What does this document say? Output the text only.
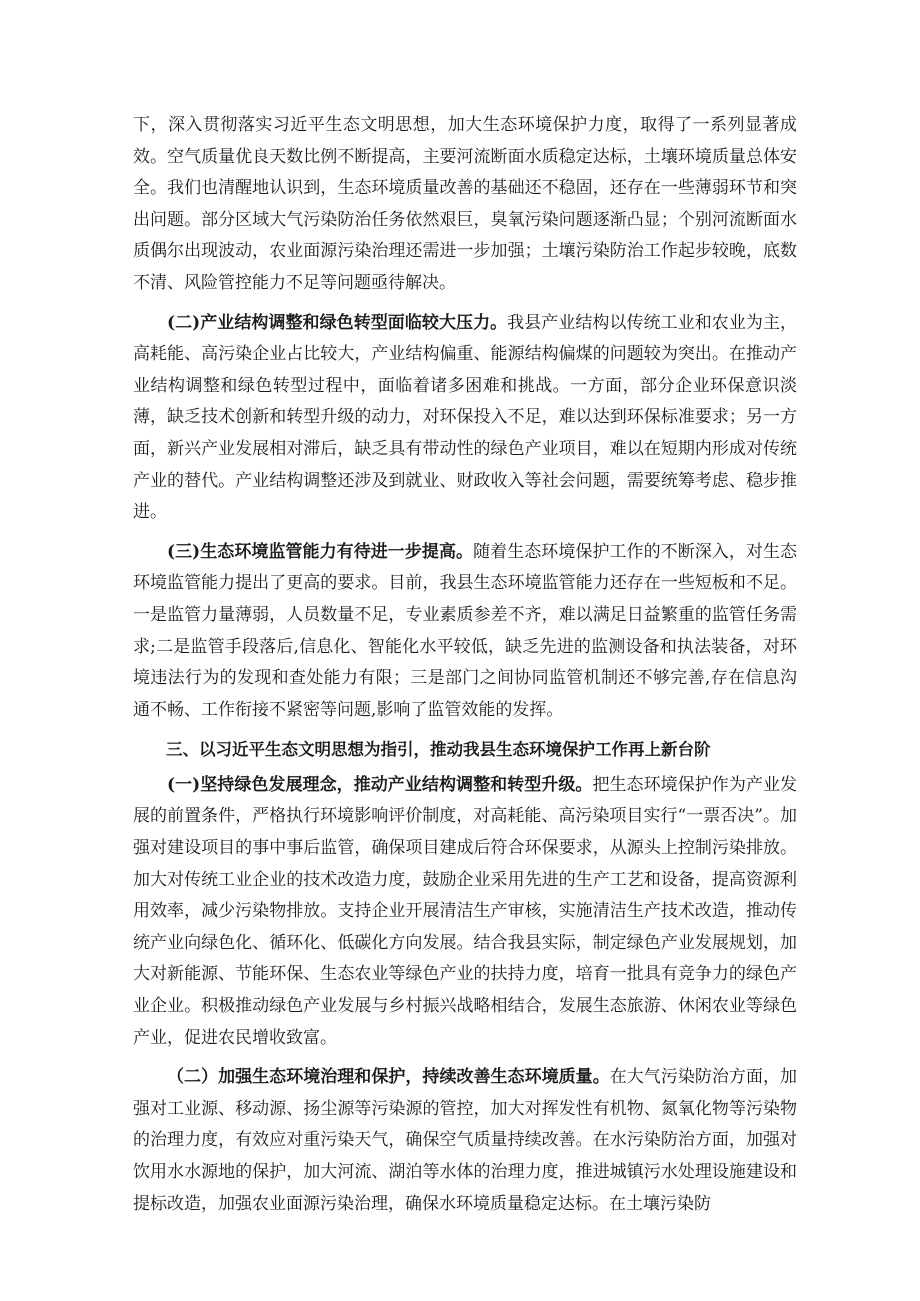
下，深入贯彻落实习近平生态文明思想，加大生态环境保护力度，取得了一系列显著成效。空气质量优良天数比例不断提高，主要河流断面水质稳定达标，土壤环境质量总体安全。我们也清醒地认识到，生态环境质量改善的基础还不稳固，还存在一些薄弱环节和突出问题。部分区域大气污染防治任务依然艰巨，臭氧污染问题逐渐凸显；个别河流断面水质偶尔出现波动，农业面源污染治理还需进一步加强；土壤污染防治工作起步较晚，底数不清、风险管控能力不足等问题亟待解决。

(二)产业结构调整和绿色转型面临较大压力。我县产业结构以传统工业和农业为主，高耗能、高污染企业占比较大，产业结构偏重、能源结构偏煤的问题较为突出。在推动产业结构调整和绿色转型过程中，面临着诸多困难和挑战。一方面，部分企业环保意识淡薄，缺乏技术创新和转型升级的动力，对环保投入不足，难以达到环保标准要求；另一方面，新兴产业发展相对滞后，缺乏具有带动性的绿色产业项目，难以在短期内形成对传统产业的替代。产业结构调整还涉及到就业、财政收入等社会问题，需要统筹考虑、稳步推进。

(三)生态环境监管能力有待进一步提高。随着生态环境保护工作的不断深入，对生态环境监管能力提出了更高的要求。目前，我县生态环境监管能力还存在一些短板和不足。一是监管力量薄弱，人员数量不足，专业素质参差不齐，难以满足日益繁重的监管任务需求;二是监管手段落后,信息化、智能化水平较低，缺乏先进的监测设备和执法装备，对环境违法行为的发现和查处能力有限；三是部门之间协同监管机制还不够完善,存在信息沟通不畅、工作衔接不紧密等问题,影响了监管效能的发挥。

三、以习近平生态文明思想为指引，推动我县生态环境保护工作再上新台阶

(一)坚持绿色发展理念，推动产业结构调整和转型升级。把生态环境保护作为产业发展的前置条件，严格执行环境影响评价制度，对高耗能、高污染项目实行“一票否决”。加强对建设项目的事中事后监管，确保项目建成后符合环保要求，从源头上控制污染排放。加大对传统工业企业的技术改造力度，鼓励企业采用先进的生产工艺和设备，提高资源利用效率，减少污染物排放。支持企业开展清洁生产审核，实施清洁生产技术改造，推动传统产业向绿色化、循环化、低碳化方向发展。结合我县实际，制定绿色产业发展规划，加大对新能源、节能环保、生态农业等绿色产业的扶持力度，培育一批具有竞争力的绿色产业企业。积极推动绿色产业发展与乡村振兴战略相结合，发展生态旅游、休闲农业等绿色产业，促进农民增收致富。

（二）加强生态环境治理和保护，持续改善生态环境质量。在大气污染防治方面，加强对工业源、移动源、扬尘源等污染源的管控，加大对挥发性有机物、氮氧化物等污染物的治理力度，有效应对重污染天气，确保空气质量持续改善。在水污染防治方面，加强对饮用水水源地的保护，加大河流、湖泊等水体的治理力度，推进城镇污水处理设施建设和提标改造，加强农业面源污染治理，确保水环境质量稳定达标。在土壤污染防
